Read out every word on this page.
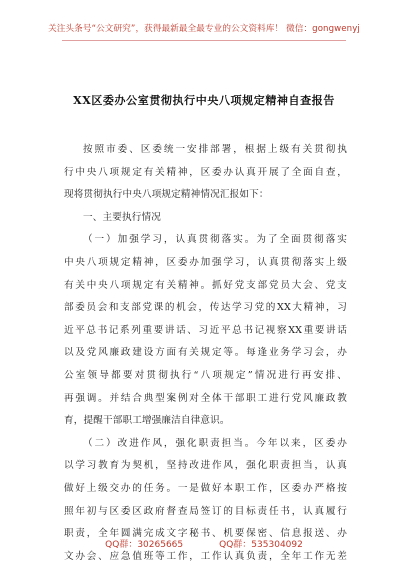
关注头条号“公文研究”，获得最新最全最专业的公文资料库！ 微信：gongwenyj
XX区委办公室贯彻执行中央八项规定精神自查报告
按照市委、区委统一安排部署，根据上级有关贯彻执
行中央八项规定有关精神，区委办认真开展了全面自查，
现将贯彻执行中央八项规定精神情况汇报如下：
一、主要执行情况
（一）加强学习，认真贯彻落实。为了全面贯彻落实
中央八项规定精神，区委办加强学习，认真贯彻落实上级
有关中央八项规定有关精神。抓好党支部党员大会、党支
部委员会和支部党课的机会，传达学习党的XX大精神，习
近平总书记系列重要讲话、习近平总书记视察XX重要讲话
以及党风廉政建设方面有关规定等。每逢业务学习会，办
公室领导都要对贯彻执行“八项规定”情况进行再安排、
再强调。并结合典型案例对全体干部职工进行党风廉政教
育，提醒干部职工增强廉洁自律意识。
（二）改进作风，强化职责担当。今年以来，区委办
以学习教育为契机，坚持改进作风，强化职责担当，认真
做好上级交办的任务。一是做好本职工作，区委办严格按
照年初与区委区政府督查局签订的目标责任书，认真履行
职责，全年圆满完成文字秘书、机要保密、信息报送、办
文办会、应急值班等工作，工作认真负责，全年工作无差
QQ群：30265665	QQ群：535304092
